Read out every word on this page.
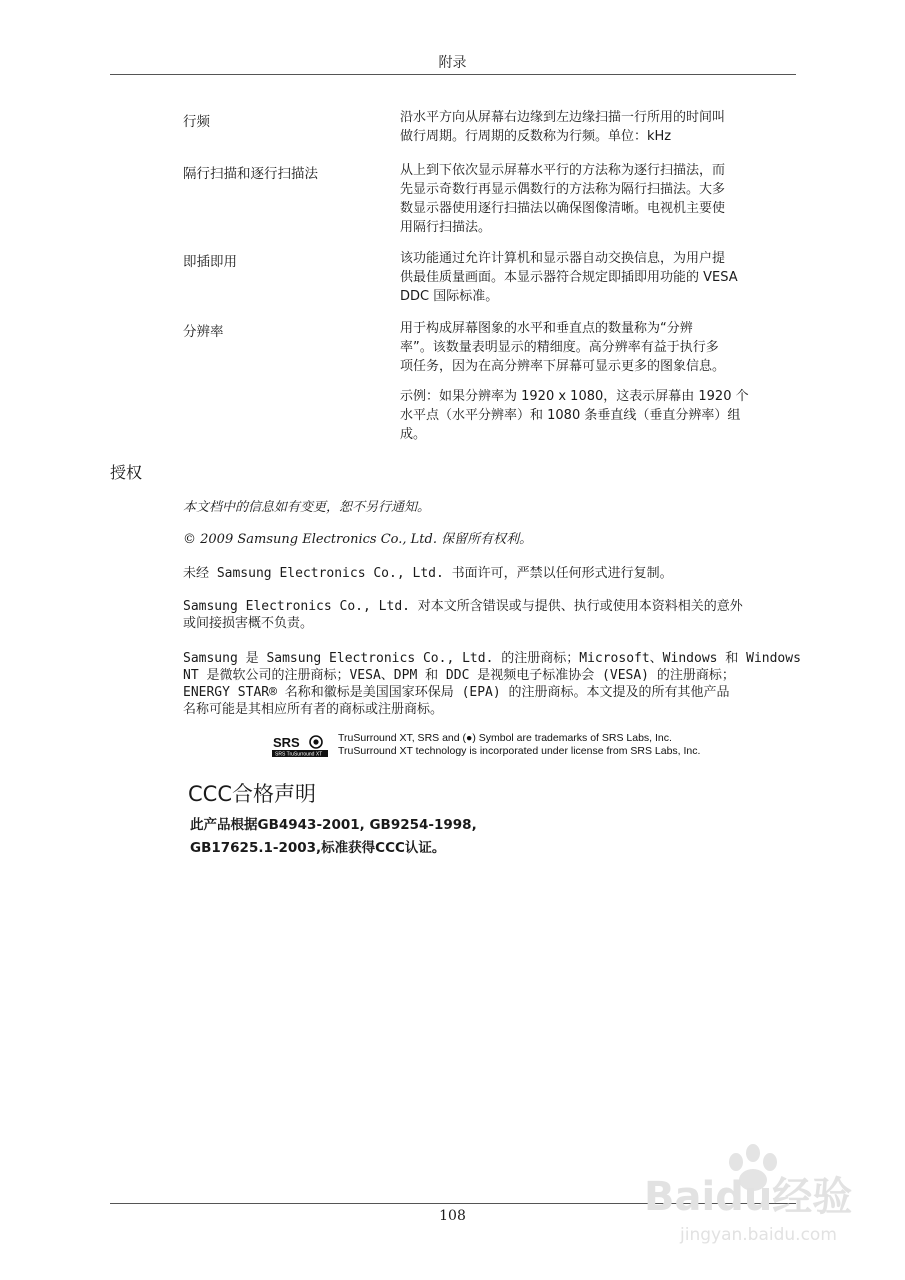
附录
行频	沿水平方向从屏幕右边缘到左边缘扫描一行所用的时间叫
做行周期。行周期的反数称为行频。单位：kHz
隔行扫描和逐行扫描法	从上到下依次显示屏幕水平行的方法称为逐行扫描法，而
先显示奇数行再显示偶数行的方法称为隔行扫描法。大多
数显示器使用逐行扫描法以确保图像清晰。电视机主要使
用隔行扫描法。
即插即用	该功能通过允许计算机和显示器自动交换信息，为用户提
供最佳质量画面。本显示器符合规定即插即用功能的 VESA
DDC 国际标准。
分辨率	用于构成屏幕图象的水平和垂直点的数量称为“分辨
率”。该数量表明显示的精细度。高分辨率有益于执行多
项任务，因为在高分辨率下屏幕可显示更多的图象信息。
示例：如果分辨率为 1920 x 1080，这表示屏幕由 1920 个
水平点（水平分辨率）和 1080 条垂直线（垂直分辨率）组
成。
授权
本文档中的信息如有变更，恕不另行通知。
© 2009 Samsung Electronics Co., Ltd. 保留所有权利。
未经 Samsung Electronics Co., Ltd. 书面许可，严禁以任何形式进行复制。
Samsung Electronics Co., Ltd. 对本文所含错误或与提供、执行或使用本资料相关的意外
或间接损害概不负责。
Samsung 是 Samsung Electronics Co., Ltd. 的注册商标；Microsoft、Windows 和 Windows
NT 是微软公司的注册商标；VESA、DPM 和 DDC 是视频电子标准协会 (VESA) 的注册商标；
ENERGY STAR® 名称和徽标是美国国家环保局 (EPA) 的注册商标。本文提及的所有其他产品
名称可能是其相应所有者的商标或注册商标。
SRS
SRS TruSurround XT
TruSurround XT, SRS and (●) Symbol are trademarks of SRS Labs, Inc.
TruSurround XT technology is incorporated under license from SRS Labs, Inc.
CCC合格声明
此产品根据GB4943-2001, GB9254-1998,
GB17625.1-2003,标准获得CCC认证。
108	Baidu经验
jingyan.baidu.com
